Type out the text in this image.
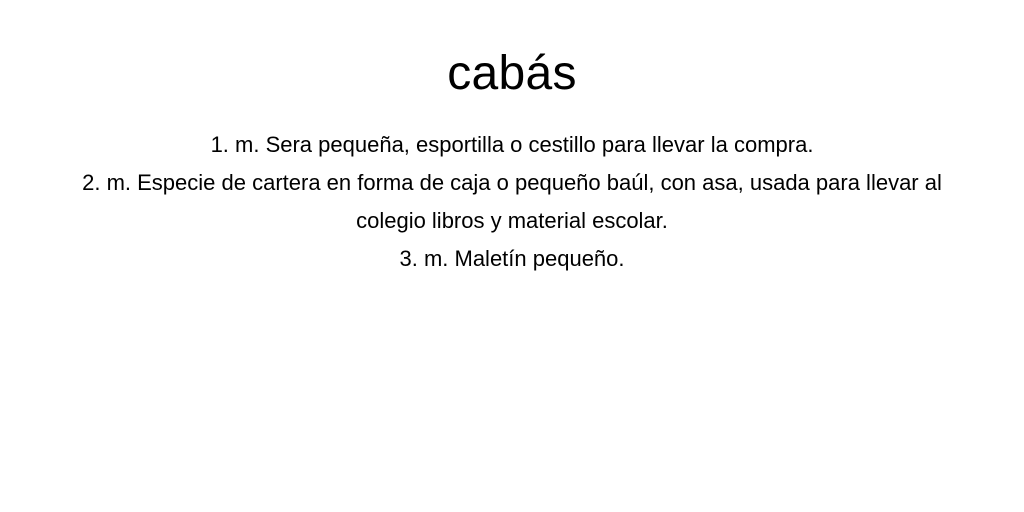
cabás
1. m. Sera pequeña, esportilla o cestillo para llevar la compra.
2. m. Especie de cartera en forma de caja o pequeño baúl, con asa, usada para llevar al colegio libros y material escolar.
3. m. Maletín pequeño.
